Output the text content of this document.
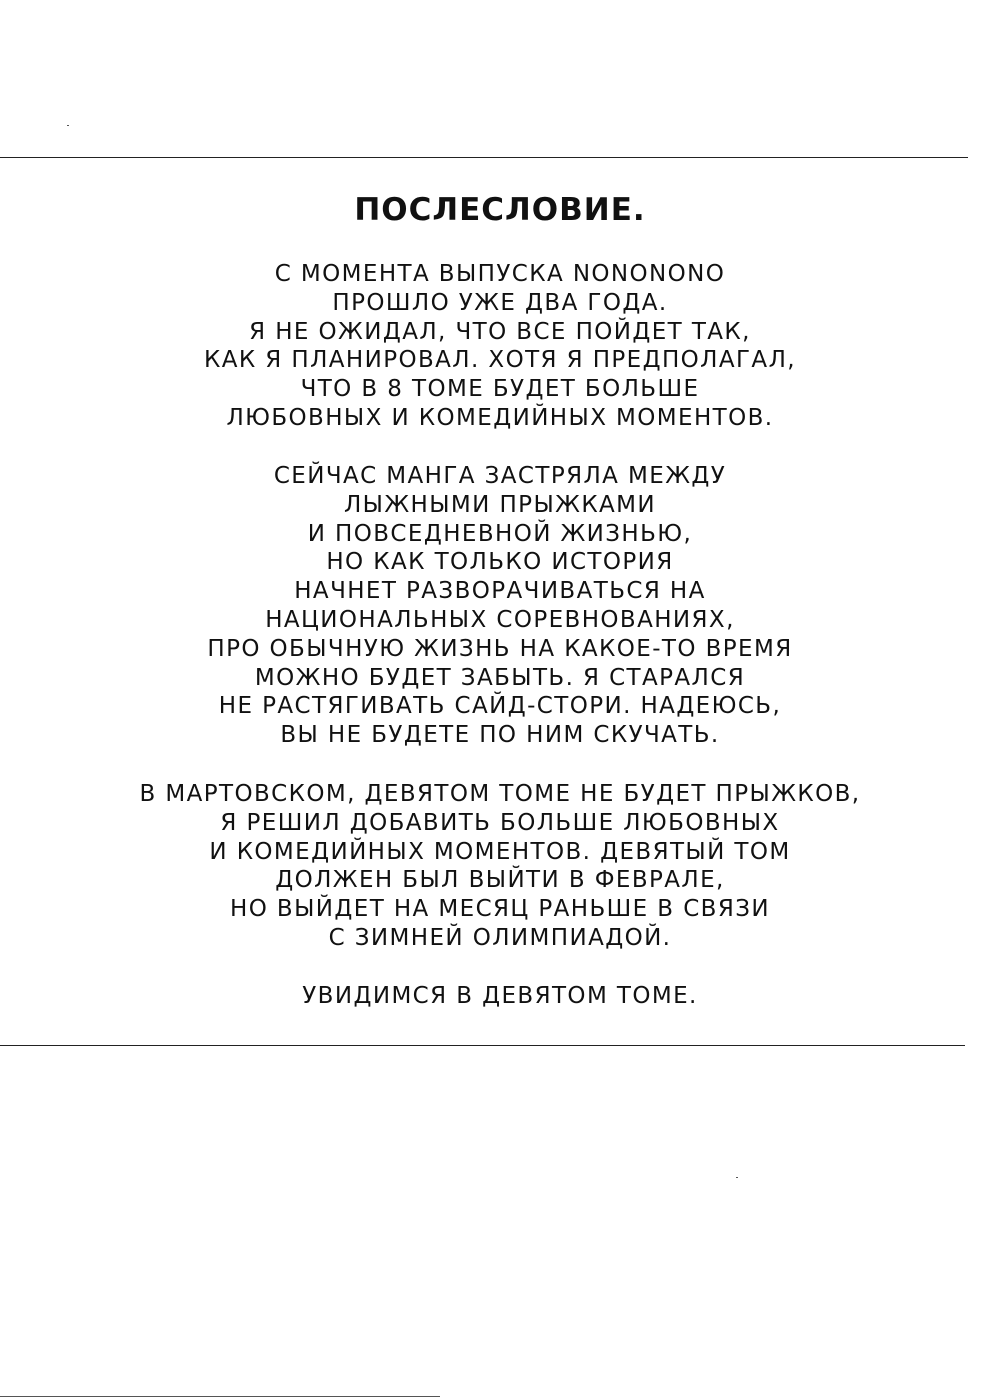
ПОСЛЕСЛОВИЕ.
С МОМЕНТА ВЫПУСКА NONONONO
ПРОШЛО УЖЕ ДВА ГОДА.
Я НЕ ОЖИДАЛ, ЧТО ВСЕ ПОЙДЕТ ТАК,
КАК Я ПЛАНИРОВАЛ. ХОТЯ Я ПРЕДПОЛАГАЛ,
ЧТО В 8 ТОМЕ БУДЕТ БОЛЬШЕ
ЛЮБОВНЫХ И КОМЕДИЙНЫХ МОМЕНТОВ.
СЕЙЧАС МАНГА ЗАСТРЯЛА МЕЖДУ
ЛЫЖНЫМИ ПРЫЖКАМИ
И ПОВСЕДНЕВНОЙ ЖИЗНЬЮ,
НО КАК ТОЛЬКО ИСТОРИЯ
НАЧНЕТ РАЗВОРАЧИВАТЬСЯ НА
НАЦИОНАЛЬНЫХ СОРЕВНОВАНИЯХ,
ПРО ОБЫЧНУЮ ЖИЗНЬ НА КАКОЕ-ТО ВРЕМЯ
МОЖНО БУДЕТ ЗАБЫТЬ. Я СТАРАЛСЯ
НЕ РАСТЯГИВАТЬ САЙД-СТОРИ. НАДЕЮСЬ,
ВЫ НЕ БУДЕТЕ ПО НИМ СКУЧАТЬ.
В МАРТОВСКОМ, ДЕВЯТОМ ТОМЕ НЕ БУДЕТ ПРЫЖКОВ,
Я РЕШИЛ ДОБАВИТЬ БОЛЬШЕ ЛЮБОВНЫХ
И КОМЕДИЙНЫХ МОМЕНТОВ. ДЕВЯТЫЙ ТОМ
ДОЛЖЕН БЫЛ ВЫЙТИ В ФЕВРАЛЕ,
НО ВЫЙДЕТ НА МЕСЯЦ РАНЬШЕ В СВЯЗИ
С ЗИМНЕЙ ОЛИМПИАДОЙ.
УВИДИМСЯ В ДЕВЯТОМ ТОМЕ.
